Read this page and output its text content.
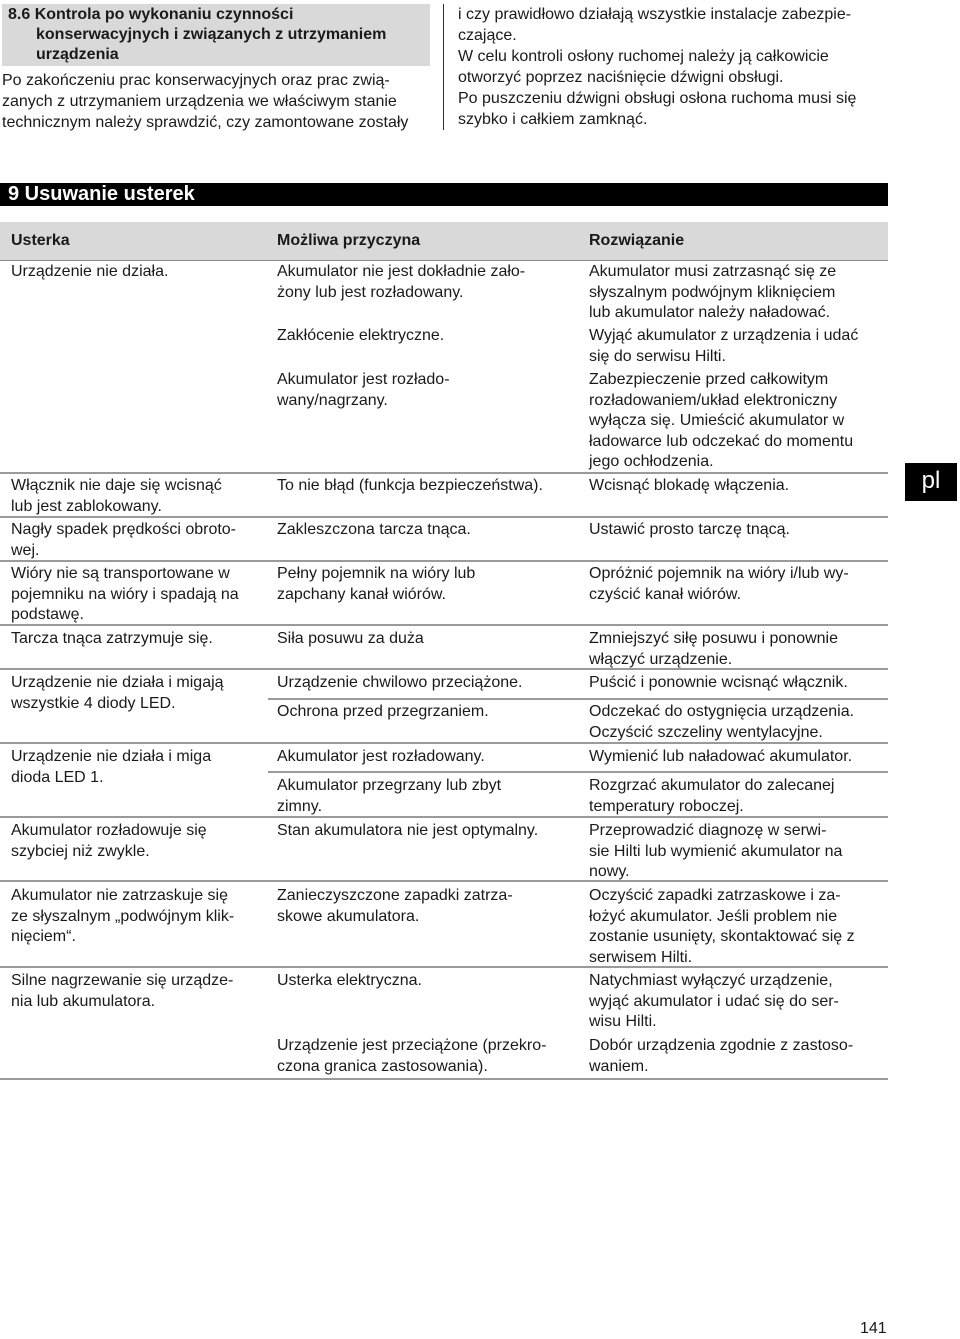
8.6 Kontrola po wykonaniu czynności
konserwacyjnych i związanych z utrzymaniem
urządzenia
Po zakończeniu prac konserwacyjnych oraz prac zwią-
zanych z utrzymaniem urządzenia we właściwym stanie
technicznym należy sprawdzić, czy zamontowane zostały
i czy prawidłowo działają wszystkie instalacje zabezpie-
czające.
W celu kontroli osłony ruchomej należy ją całkowicie
otworzyć poprzez naciśnięcie dźwigni obsługi.
Po puszczeniu dźwigni obsługi osłona ruchoma musi się
szybko i całkiem zamknąć.
9 Usuwanie usterek
Usterka	Możliwa przyczyna	Rozwiązanie
Urządzenie nie działa.
Włącznik nie daje się wcisnąć
lub jest zablokowany.
Nagły spadek prędkości obroto-
wej.
Wióry nie są transportowane w
pojemniku na wióry i spadają na
podstawę.
Tarcza tnąca zatrzymuje się.
Urządzenie nie działa i migają
wszystkie 4 diody LED.
Urządzenie nie działa i miga
dioda LED 1.
Akumulator rozładowuje się
szybciej niż zwykle.
Akumulator nie zatrzaskuje się
ze słyszalnym „podwójnym klik-
nięciem“.
Silne nagrzewanie się urządze-
nia lub akumulatora.
Akumulator nie jest dokładnie zało-
żony lub jest rozładowany.
Zakłócenie elektryczne.
Akumulator jest rozłado-
wany/nagrzany.
To nie błąd (funkcja bezpieczeństwa).
Zakleszczona tarcza tnąca.
Pełny pojemnik na wióry lub
zapchany kanał wiórów.
Siła posuwu za duża
Urządzenie chwilowo przeciążone.
Ochrona przed przegrzaniem.
Akumulator jest rozładowany.
Akumulator przegrzany lub zbyt
zimny.
Stan akumulatora nie jest optymalny.
Zanieczyszczone zapadki zatrza-
skowe akumulatora.
Usterka elektryczna.
Urządzenie jest przeciążone (przekro-
czona granica zastosowania).
Akumulator musi zatrzasnąć się ze
słyszalnym podwójnym kliknięciem
lub akumulator należy naładować.
Wyjąć akumulator z urządzenia i udać
się do serwisu Hilti.
Zabezpieczenie przed całkowitym
rozładowaniem/układ elektroniczny
wyłącza się. Umieścić akumulator w
ładowarce lub odczekać do momentu
jego ochłodzenia.
Wcisnąć blokadę włączenia.
Ustawić prosto tarczę tnącą.
Opróżnić pojemnik na wióry i/lub wy-
czyścić kanał wiórów.
Zmniejszyć siłę posuwu i ponownie
włączyć urządzenie.
Puścić i ponownie wcisnąć włącznik.
Odczekać do ostygnięcia urządzenia.
Oczyścić szczeliny wentylacyjne.
Wymienić lub naładować akumulator.
Rozgrzać akumulator do zalecanej
temperatury roboczej.
Przeprowadzić diagnozę w serwi-
sie Hilti lub wymienić akumulator na
nowy.
Oczyścić zapadki zatrzaskowe i za-
łożyć akumulator. Jeśli problem nie
zostanie usunięty, skontaktować się z
serwisem Hilti.
Natychmiast wyłączyć urządzenie,
wyjąć akumulator i udać się do ser-
wisu Hilti.
Dobór urządzenia zgodnie z zastoso-
waniem.
pl
141
